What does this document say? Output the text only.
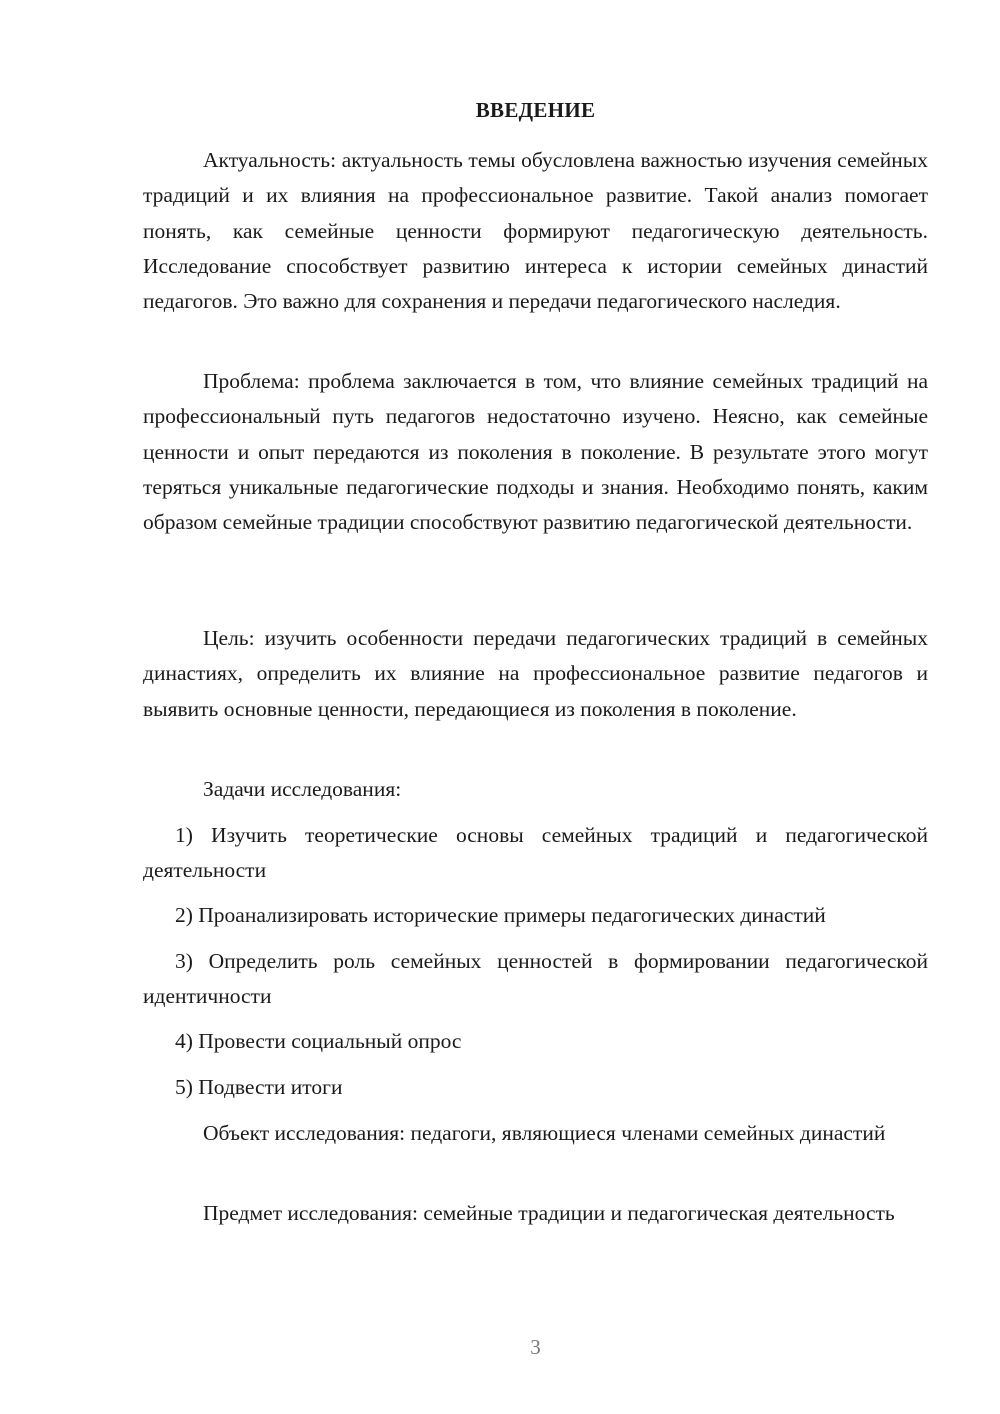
ВВЕДЕНИЕ

Актуальность: актуальность темы обусловлена важностью изучения семейных традиций и их влияния на профессиональное развитие. Такой анализ помогает понять, как семейные ценности формируют педагогическую деятельность. Исследование способствует развитию интереса к истории семейных династий педагогов. Это важно для сохранения и передачи педагогического наследия.

Проблема: проблема заключается в том, что влияние семейных традиций на профессиональный путь педагогов недостаточно изучено. Неясно, как семейные ценности и опыт передаются из поколения в поколение. В результате этого могут теряться уникальные педагогические подходы и знания. Необходимо понять, каким образом семейные традиции способствуют развитию педагогической деятельности.

Цель: изучить особенности передачи педагогических традиций в семейных династиях, определить их влияние на профессиональное развитие педагогов и выявить основные ценности, передающиеся из поколения в поколение.

Задачи исследования:

1) Изучить теоретические основы семейных традиций и педагогической деятельности

2) Проанализировать исторические примеры педагогических династий

3) Определить роль семейных ценностей в формировании педагогической идентичности

4) Провести социальный опрос

5) Подвести итоги

Объект исследования: педагоги, являющиеся членами семейных династий

Предмет исследования: семейные традиции и педагогическая деятельность

3
